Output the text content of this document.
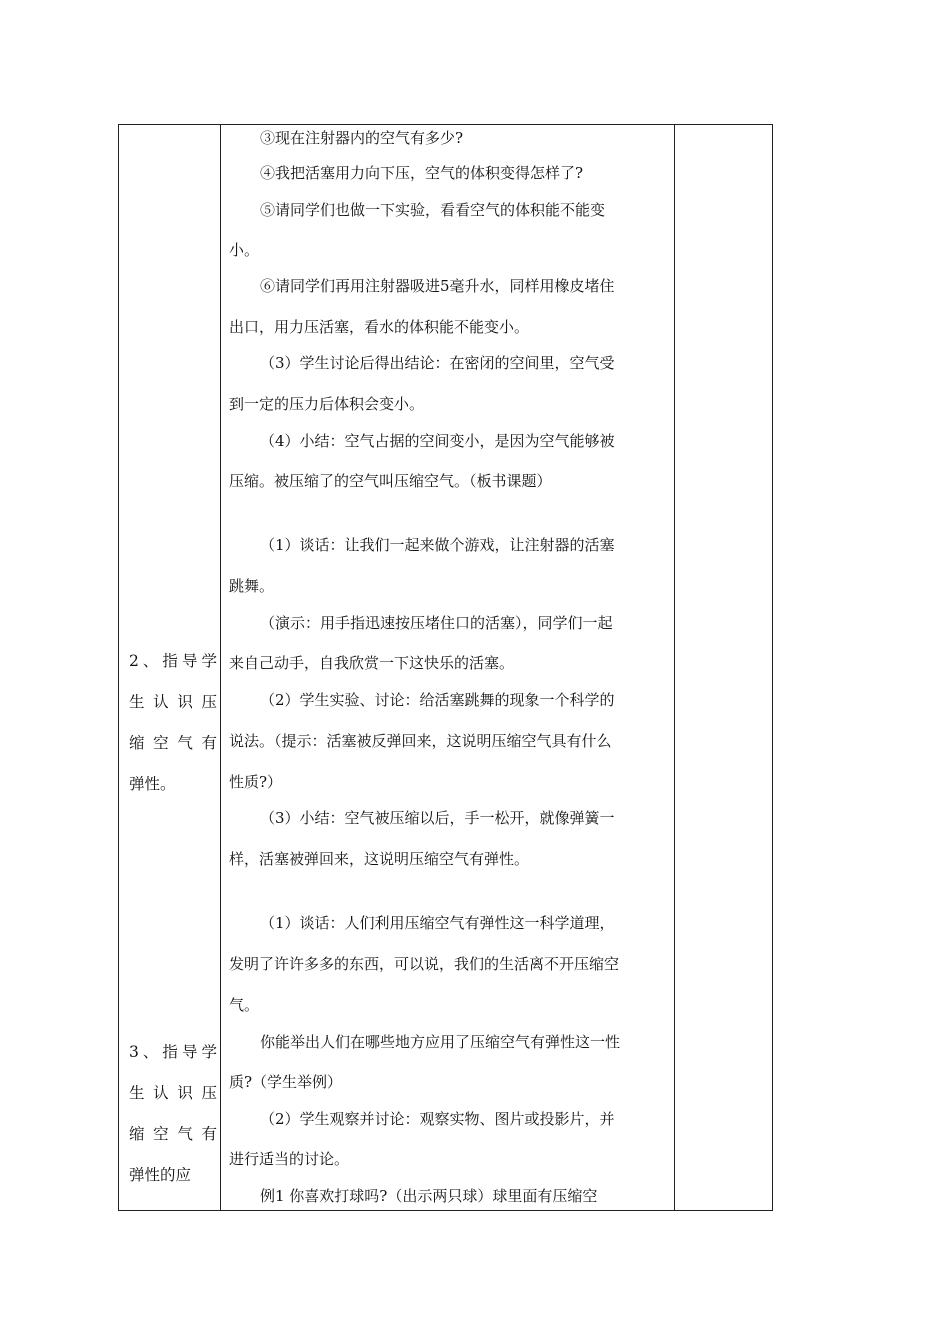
2、指导学
生认识压
缩空气有
弹性。
3、指导学
生认识压
缩空气有
弹性的应
③现在注射器内的空气有多少?
④我把活塞用力向下压，空气的体积变得怎样了?
⑤请同学们也做一下实验，看看空气的体积能不能变
小。
⑥请同学们再用注射器吸进5毫升水，同样用橡皮堵住
出口，用力压活塞，看水的体积能不能变小。
（3）学生讨论后得出结论：在密闭的空间里，空气受
到一定的压力后体积会变小。
（4）小结：空气占据的空间变小，是因为空气能够被
压缩。被压缩了的空气叫压缩空气。（板书课题）
（1）谈话：让我们一起来做个游戏，让注射器的活塞
跳舞。
（演示：用手指迅速按压堵住口的活塞），同学们一起
来自己动手，自我欣赏一下这快乐的活塞。
（2）学生实验、讨论：给活塞跳舞的现象一个科学的
说法。（提示：活塞被反弹回来，这说明压缩空气具有什么
性质?）
（3）小结：空气被压缩以后，手一松开，就像弹簧一
样，活塞被弹回来，这说明压缩空气有弹性。
（1）谈话：人们利用压缩空气有弹性这一科学道理，
发明了许许多多的东西，可以说，我们的生活离不开压缩空
气。
你能举出人们在哪些地方应用了压缩空气有弹性这一性
质?（学生举例）
（2）学生观察并讨论：观察实物、图片或投影片，并
进行适当的讨论。
例1 你喜欢打球吗?（出示两只球）球里面有压缩空
